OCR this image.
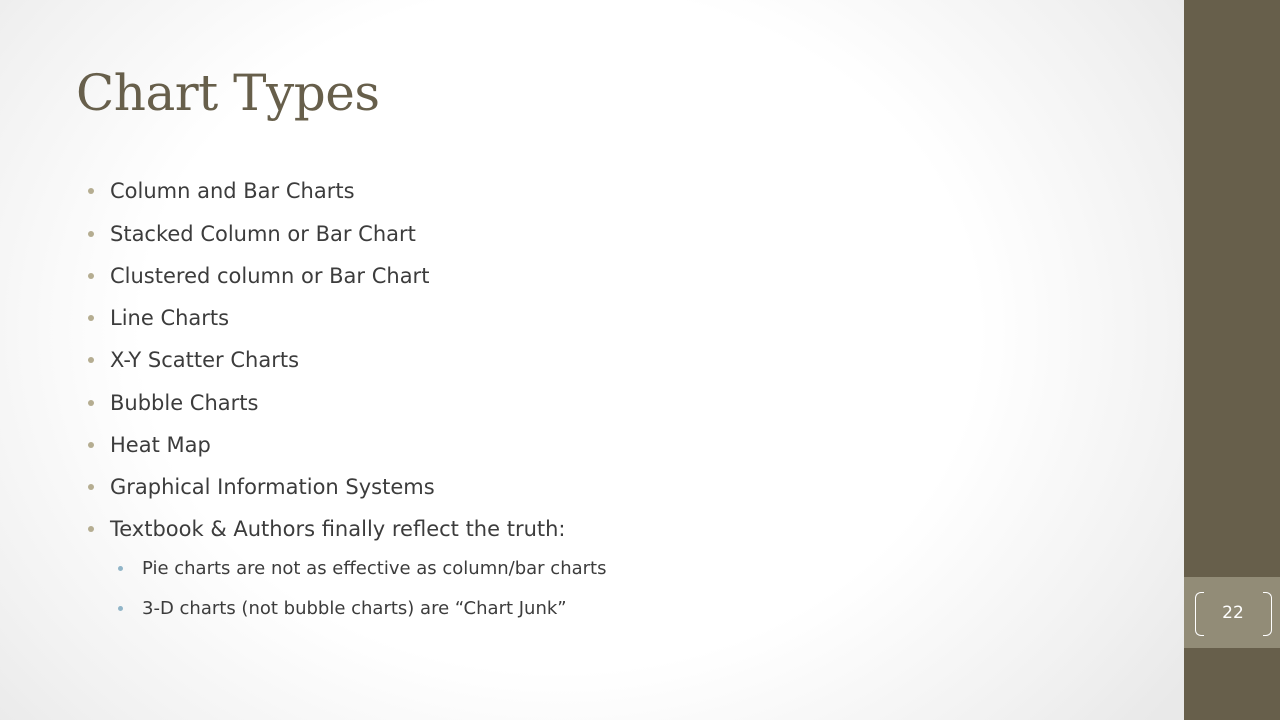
22
Chart Types
Column and Bar Charts
Stacked Column or Bar Chart
Clustered column or Bar Chart
Line Charts
X-Y Scatter Charts
Bubble Charts
Heat Map
Graphical Information Systems
Textbook & Authors finally reflect the truth:
Pie charts are not as effective as column/bar charts
3-D charts (not bubble charts) are “Chart Junk”
